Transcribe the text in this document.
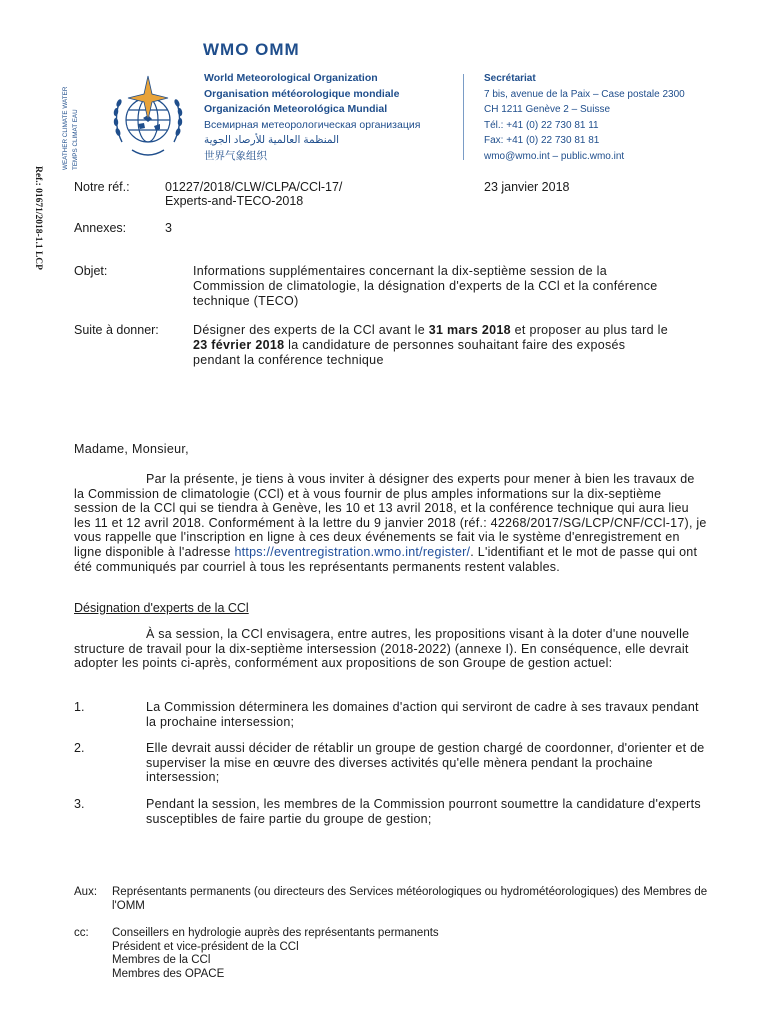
WMO OMM
WEATHER CLIMATE WATER TEMPS CLIMAT EAU
World Meteorological Organization
Organisation météorologique mondiale
Organización Meteorológica Mundial
Всемирная метеорологическая организация
المنظمة العالمية للأرصاد الجوية
世界气象组织
Secrétariat
7 bis, avenue de la Paix – Case postale 2300
CH 1211 Genève 2 – Suisse
Tél.: +41 (0) 22 730 81 11
Fax: +41 (0) 22 730 81 81
wmo@wmo.int – public.wmo.int
Ref.: 01671/2018-1.1 LCP Notre réf.:	01227/2018/CLW/CLPA/CCl-17/
Experts-and-TECO-2018
23 janvier 2018
Annexes:	3
Objet:	Informations supplémentaires concernant la dix-septième session de la Commission de climatologie, la désignation d'experts de la CCl et la conférence technique (TECO)
Suite à donner:	Désigner des experts de la CCl avant le 31 mars 2018 et proposer au plus tard le 23 février 2018 la candidature de personnes souhaitant faire des exposés pendant la conférence technique
Madame, Monsieur,
Par la présente, je tiens à vous inviter à désigner des experts pour mener à bien les travaux de la Commission de climatologie (CCl) et à vous fournir de plus amples informations sur la dix-septième session de la CCl qui se tiendra à Genève, les 10 et 13 avril 2018, et la conférence technique qui aura lieu les 11 et 12 avril 2018. Conformément à la lettre du 9 janvier 2018 (réf.: 42268/2017/SG/LCP/CNF/CCl-17), je vous rappelle que l'inscription en ligne à ces deux événements se fait via le système d'enregistrement en ligne disponible à l'adresse https://eventregistration.wmo.int/register/. L'identifiant et le mot de passe qui ont été communiqués par courriel à tous les représentants permanents restent valables.
Désignation d'experts de la CCl
À sa session, la CCl envisagera, entre autres, les propositions visant à la doter d'une nouvelle structure de travail pour la dix-septième intersession (2018-2022) (annexe I). En conséquence, elle devrait adopter les points ci-après, conformément aux propositions de son Groupe de gestion actuel:
1.	La Commission déterminera les domaines d'action qui serviront de cadre à ses travaux pendant la prochaine intersession;
2.	Elle devrait aussi décider de rétablir un groupe de gestion chargé de coordonner, d'orienter et de superviser la mise en œuvre des diverses activités qu'elle mènera pendant la prochaine intersession;
3.	Pendant la session, les membres de la Commission pourront soumettre la candidature d'experts susceptibles de faire partie du groupe de gestion;
Aux: Représentants permanents (ou directeurs des Services météorologiques ou hydrométéorologiques) des Membres de l'OMM
cc: Conseillers en hydrologie auprès des représentants permanents
Président et vice-président de la CCl
Membres de la CCl
Membres des OPACE
